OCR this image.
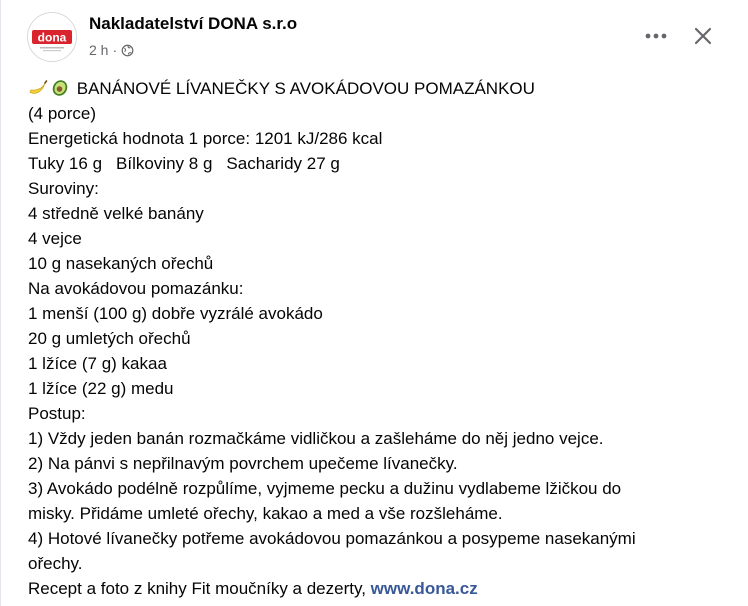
dona
Nakladatelství DONA s.r.o
2 h ·
BANÁNOVÉ LÍVANEČKY S AVOKÁDOVOU POMAZÁNKOU
(4 porce)
Energetická hodnota 1 porce: 1201 kJ/286 kcal
Tuky 16 g Bílkoviny 8 g Sacharidy 27 g
Suroviny:
4 středně velké banány
4 vejce
10 g nasekaných ořechů
Na avokádovou pomazánku:
1 menší (100 g) dobře vyzrálé avokádo
20 g umletých ořechů
1 lžíce (7 g) kakaa
1 lžíce (22 g) medu
Postup:
1) Vždy jeden banán rozmačkáme vidličkou a zašleháme do něj jedno vejce.
2) Na pánvi s nepřilnavým povrchem upečeme lívanečky.
3) Avokádo podélně rozpůlíme, vyjmeme pecku a dužinu vydlabeme lžičkou do
misky. Přidáme umleté ořechy, kakao a med a vše rozšleháme.
4) Hotové lívanečky potřeme avokádovou pomazánkou a posypeme nasekanými
ořechy.
Recept a foto z knihy Fit moučníky a dezerty, www.dona.cz
